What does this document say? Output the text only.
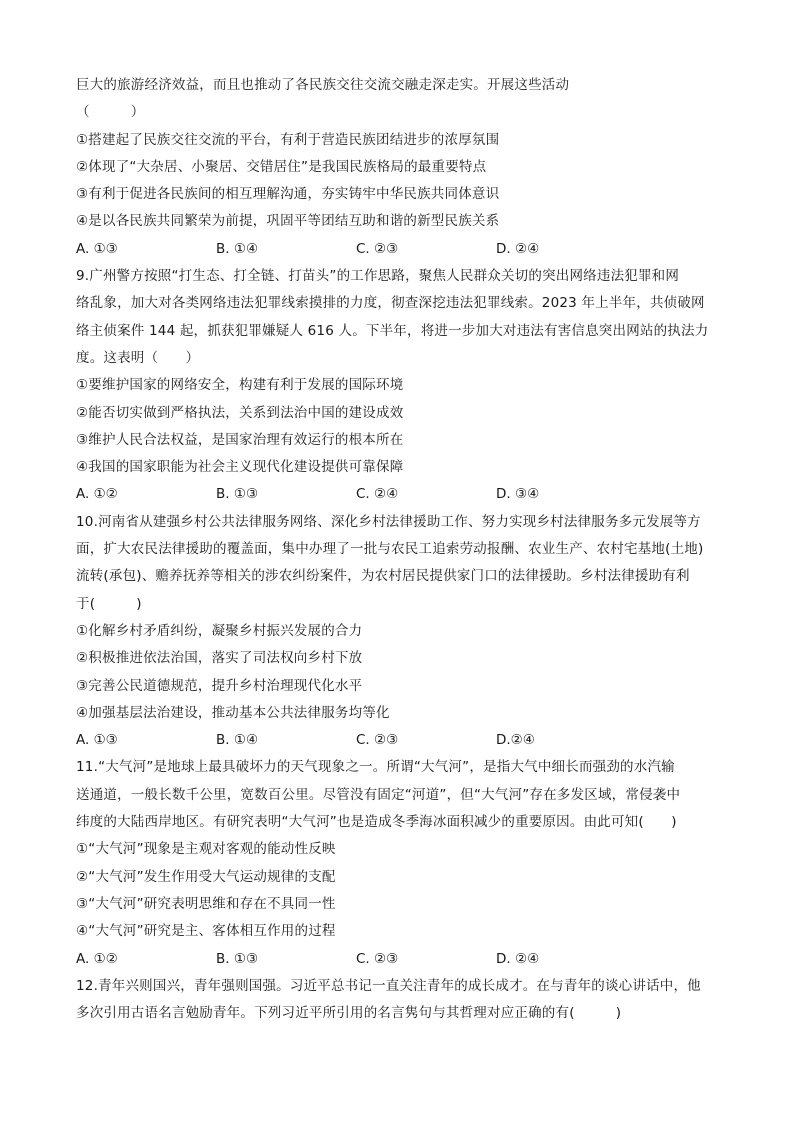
巨大的旅游经济效益，而且也推动了各民族交往交流交融走深走实。开展这些活动
（　　　）
①搭建起了民族交往交流的平台，有利于营造民族团结进步的浓厚氛围
②体现了“大杂居、小聚居、交错居住”是我国民族格局的最重要特点
③有利于促进各民族间的相互理解沟通，夯实铸牢中华民族共同体意识
④是以各民族共同繁荣为前提，巩固平等团结互助和谐的新型民族关系
A. ①③	B. ①④	C. ②③	D. ②④
9.广州警方按照“打生态、打全链、打苗头”的工作思路，聚焦人民群众关切的突出网络违法犯罪和网
络乱象，加大对各类网络违法犯罪线索摸排的力度，彻查深挖违法犯罪线索。2023 年上半年，共侦破网
络主侦案件 144 起，抓获犯罪嫌疑人 616 人。下半年，将进一步加大对违法有害信息突出网站的执法力
度。这表明（　　）
①要维护国家的网络安全，构建有利于发展的国际环境
②能否切实做到严格执法，关系到法治中国的建设成效
③维护人民合法权益，是国家治理有效运行的根本所在
④我国的国家职能为社会主义现代化建设提供可靠保障
A. ①②	B. ①③	C. ②④	D. ③④
10.河南省从建强乡村公共法律服务网络、深化乡村法律援助工作、努力实现乡村法律服务多元发展等方
面，扩大农民法律援助的覆盖面，集中办理了一批与农民工追索劳动报酬、农业生产、农村宅基地(土地)
流转(承包)、赡养抚养等相关的涉农纠纷案件，为农村居民提供家门口的法律援助。乡村法律援助有利
于(　　　)
①化解乡村矛盾纠纷，凝聚乡村振兴发展的合力
②积极推进依法治国，落实了司法权向乡村下放
③完善公民道德规范，提升乡村治理现代化水平
④加强基层法治建设，推动基本公共法律服务均等化
A. ①③	B. ①④	C. ②③	D.②④
11.“大气河”是地球上最具破坏力的天气现象之一。所谓“大气河”，是指大气中细长而强劲的水汽输
送通道，一般长数千公里，宽数百公里。尽管没有固定“河道”，但“大气河”存在多发区域，常侵袭中
纬度的大陆西岸地区。有研究表明“大气河”也是造成冬季海冰面积减少的重要原因。由此可知(　　)
①“大气河”现象是主观对客观的能动性反映
②“大气河”发生作用受大气运动规律的支配
③“大气河”研究表明思维和存在不具同一性
④“大气河”研究是主、客体相互作用的过程
A. ①②	B. ①③	C. ②③	D. ②④
12.青年兴则国兴，青年强则国强。习近平总书记一直关注青年的成长成才。在与青年的谈心讲话中，他
多次引用古语名言勉励青年。下列习近平所引用的名言隽句与其哲理对应正确的有(　　　)
